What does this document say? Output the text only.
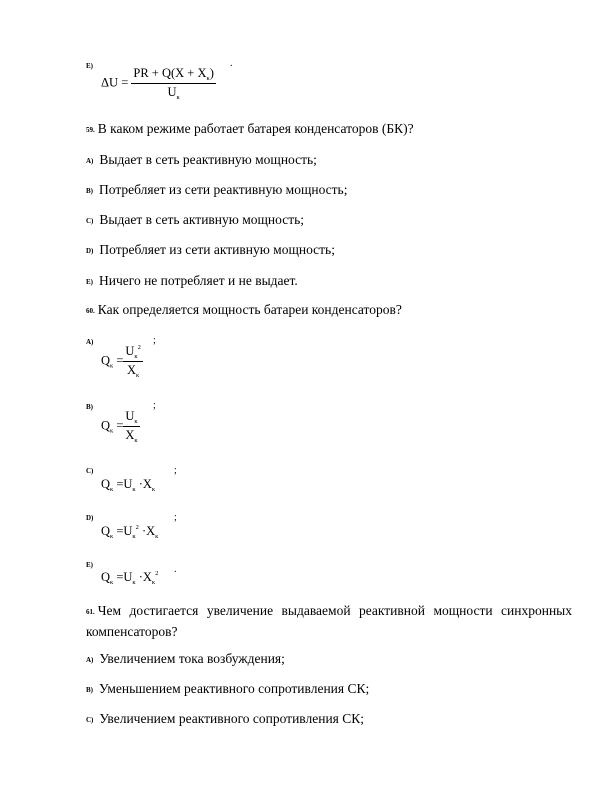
Е)
$\Delta U = \frac{PR + Q(X + X_к)}{U_к}$
.
59. В каком режиме работает батарея конденсаторов (БК)?
А) Выдает в сеть реактивную мощность;
В) Потребляет из сети реактивную мощность;
С) Выдает в сеть активную мощность;
D) Потребляет из сети активную мощность;
Е) Ничего не потребляет и не выдает.
60. Как определяется мощность батареи конденсаторов?
А)
$Q_к = \frac{U_к^2}{X_к}$
;
В)
$Q_к = \frac{U_к}{X_к}$
;
С)
$Q_к =U_к \cdot X_к$
;
D)
$Q_к =U_к^2 \cdot X_к$
;
Е)
$Q_к =U_к \cdot X_к^2$ .
61. Чем достигается увеличение выдаваемой реактивной мощности синхронных компенсаторов?
А) Увеличением тока возбуждения;
В) Уменьшением реактивного сопротивления СК;
С) Увеличением реактивного сопротивления СК;
